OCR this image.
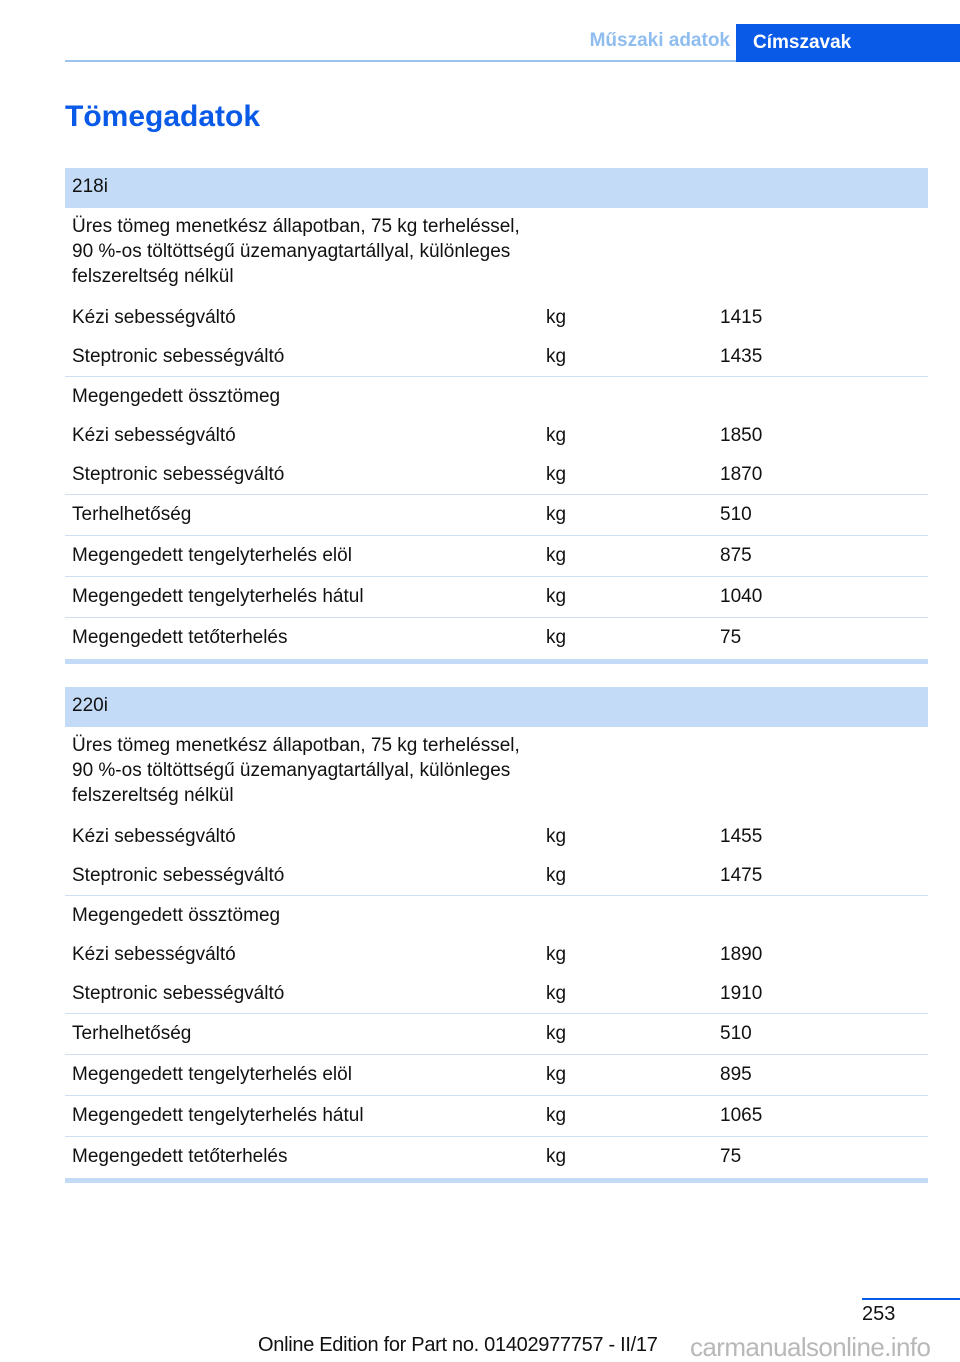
Műszaki adatok	Címszavak
Tömegadatok
218i
Üres tömeg menetkész állapotban, 75 kg terheléssel, 90 %-os töltöttségű üzemanyagtartállyal, különleges felszereltség nélkül
Kézi sebességváltó	kg	1415
Steptronic sebességváltó	kg	1435
Megengedett össztömeg
Kézi sebességváltó	kg	1850
Steptronic sebességváltó	kg	1870
Terhelhetőség	kg	510
Megengedett tengelyterhelés elöl	kg	875
Megengedett tengelyterhelés hátul	kg	1040
Megengedett tetőterhelés	kg	75
220i
Üres tömeg menetkész állapotban, 75 kg terheléssel, 90 %-os töltöttségű üzemanyagtartállyal, különleges felszereltség nélkül
Kézi sebességváltó	kg	1455
Steptronic sebességváltó	kg	1475
Megengedett össztömeg
Kézi sebességváltó	kg	1890
Steptronic sebességváltó	kg	1910
Terhelhetőség	kg	510
Megengedett tengelyterhelés elöl	kg	895
Megengedett tengelyterhelés hátul	kg	1065
Megengedett tetőterhelés	kg	75
253
Online Edition for Part no. 01402977757 - II/17 carmanualsonline.info
